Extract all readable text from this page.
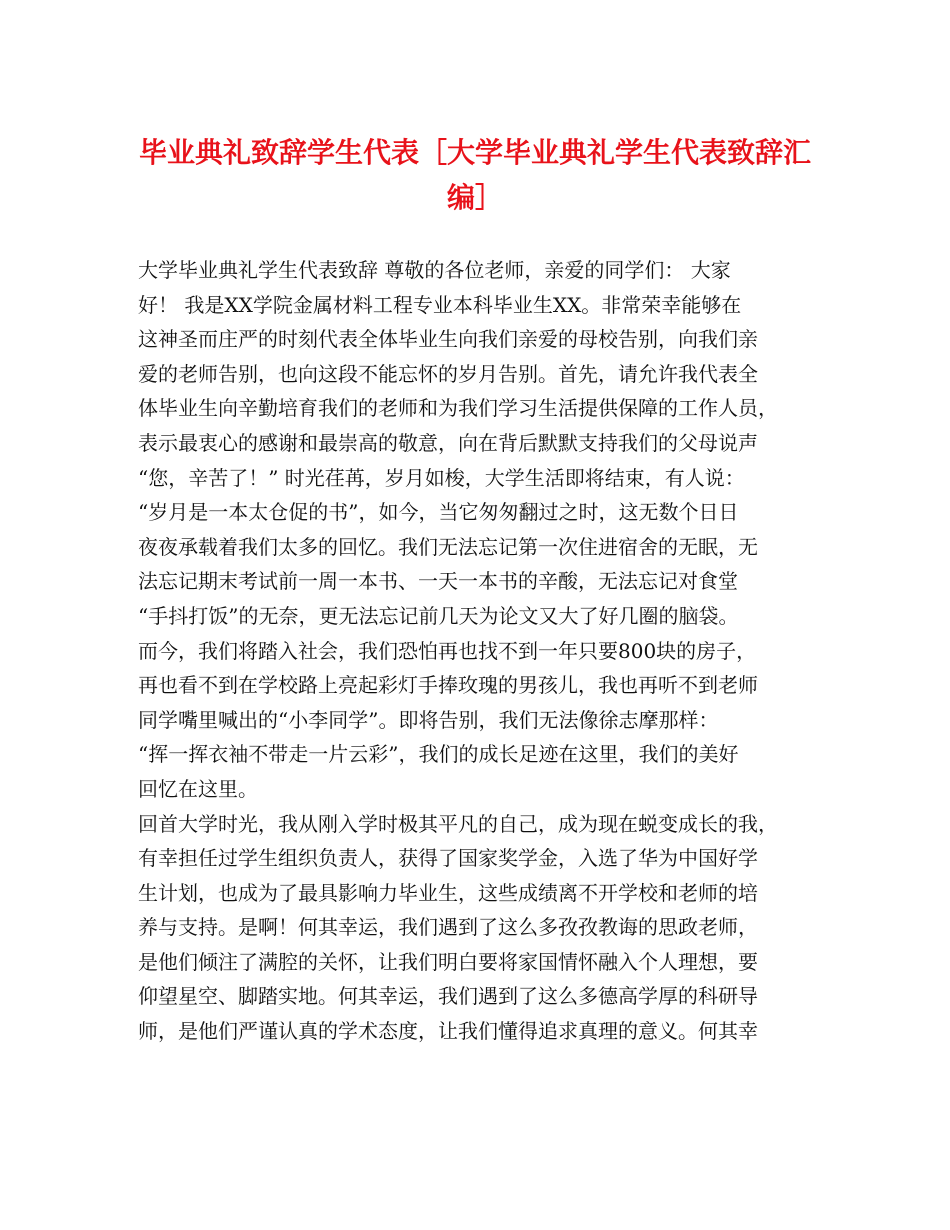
毕业典礼致辞学生代表［大学毕业典礼学生代表致辞汇
编］
大学毕业典礼学生代表致辞 尊敬的各位老师，亲爱的同学们： 大家
好！ 我是XX学院金属材料工程专业本科毕业生XX。非常荣幸能够在
这神圣而庄严的时刻代表全体毕业生向我们亲爱的母校告别，向我们亲
爱的老师告别，也向这段不能忘怀的岁月告别。首先，请允许我代表全
体毕业生向辛勤培育我们的老师和为我们学习生活提供保障的工作人员，
表示最衷心的感谢和最崇高的敬意，向在背后默默支持我们的父母说声
“您，辛苦了！” 时光荏苒，岁月如梭，大学生活即将结束，有人说：
“岁月是一本太仓促的书”，如今，当它匆匆翻过之时，这无数个日日
夜夜承载着我们太多的回忆。我们无法忘记第一次住进宿舍的无眠，无
法忘记期末考试前一周一本书、一天一本书的辛酸，无法忘记对食堂
“手抖打饭”的无奈，更无法忘记前几天为论文又大了好几圈的脑袋。
而今，我们将踏入社会，我们恐怕再也找不到一年只要800块的房子，
再也看不到在学校路上亮起彩灯手捧玫瑰的男孩儿，我也再听不到老师
同学嘴里喊出的“小李同学”。即将告别，我们无法像徐志摩那样：
“挥一挥衣袖不带走一片云彩”，我们的成长足迹在这里，我们的美好
回忆在这里。
回首大学时光，我从刚入学时极其平凡的自己，成为现在蜕变成长的我，
有幸担任过学生组织负责人，获得了国家奖学金，入选了华为中国好学
生计划，也成为了最具影响力毕业生，这些成绩离不开学校和老师的培
养与支持。是啊！何其幸运，我们遇到了这么多孜孜教诲的思政老师，
是他们倾注了满腔的关怀，让我们明白要将家国情怀融入个人理想，要
仰望星空、脚踏实地。何其幸运，我们遇到了这么多德高学厚的科研导
师，是他们严谨认真的学术态度，让我们懂得追求真理的意义。何其幸
